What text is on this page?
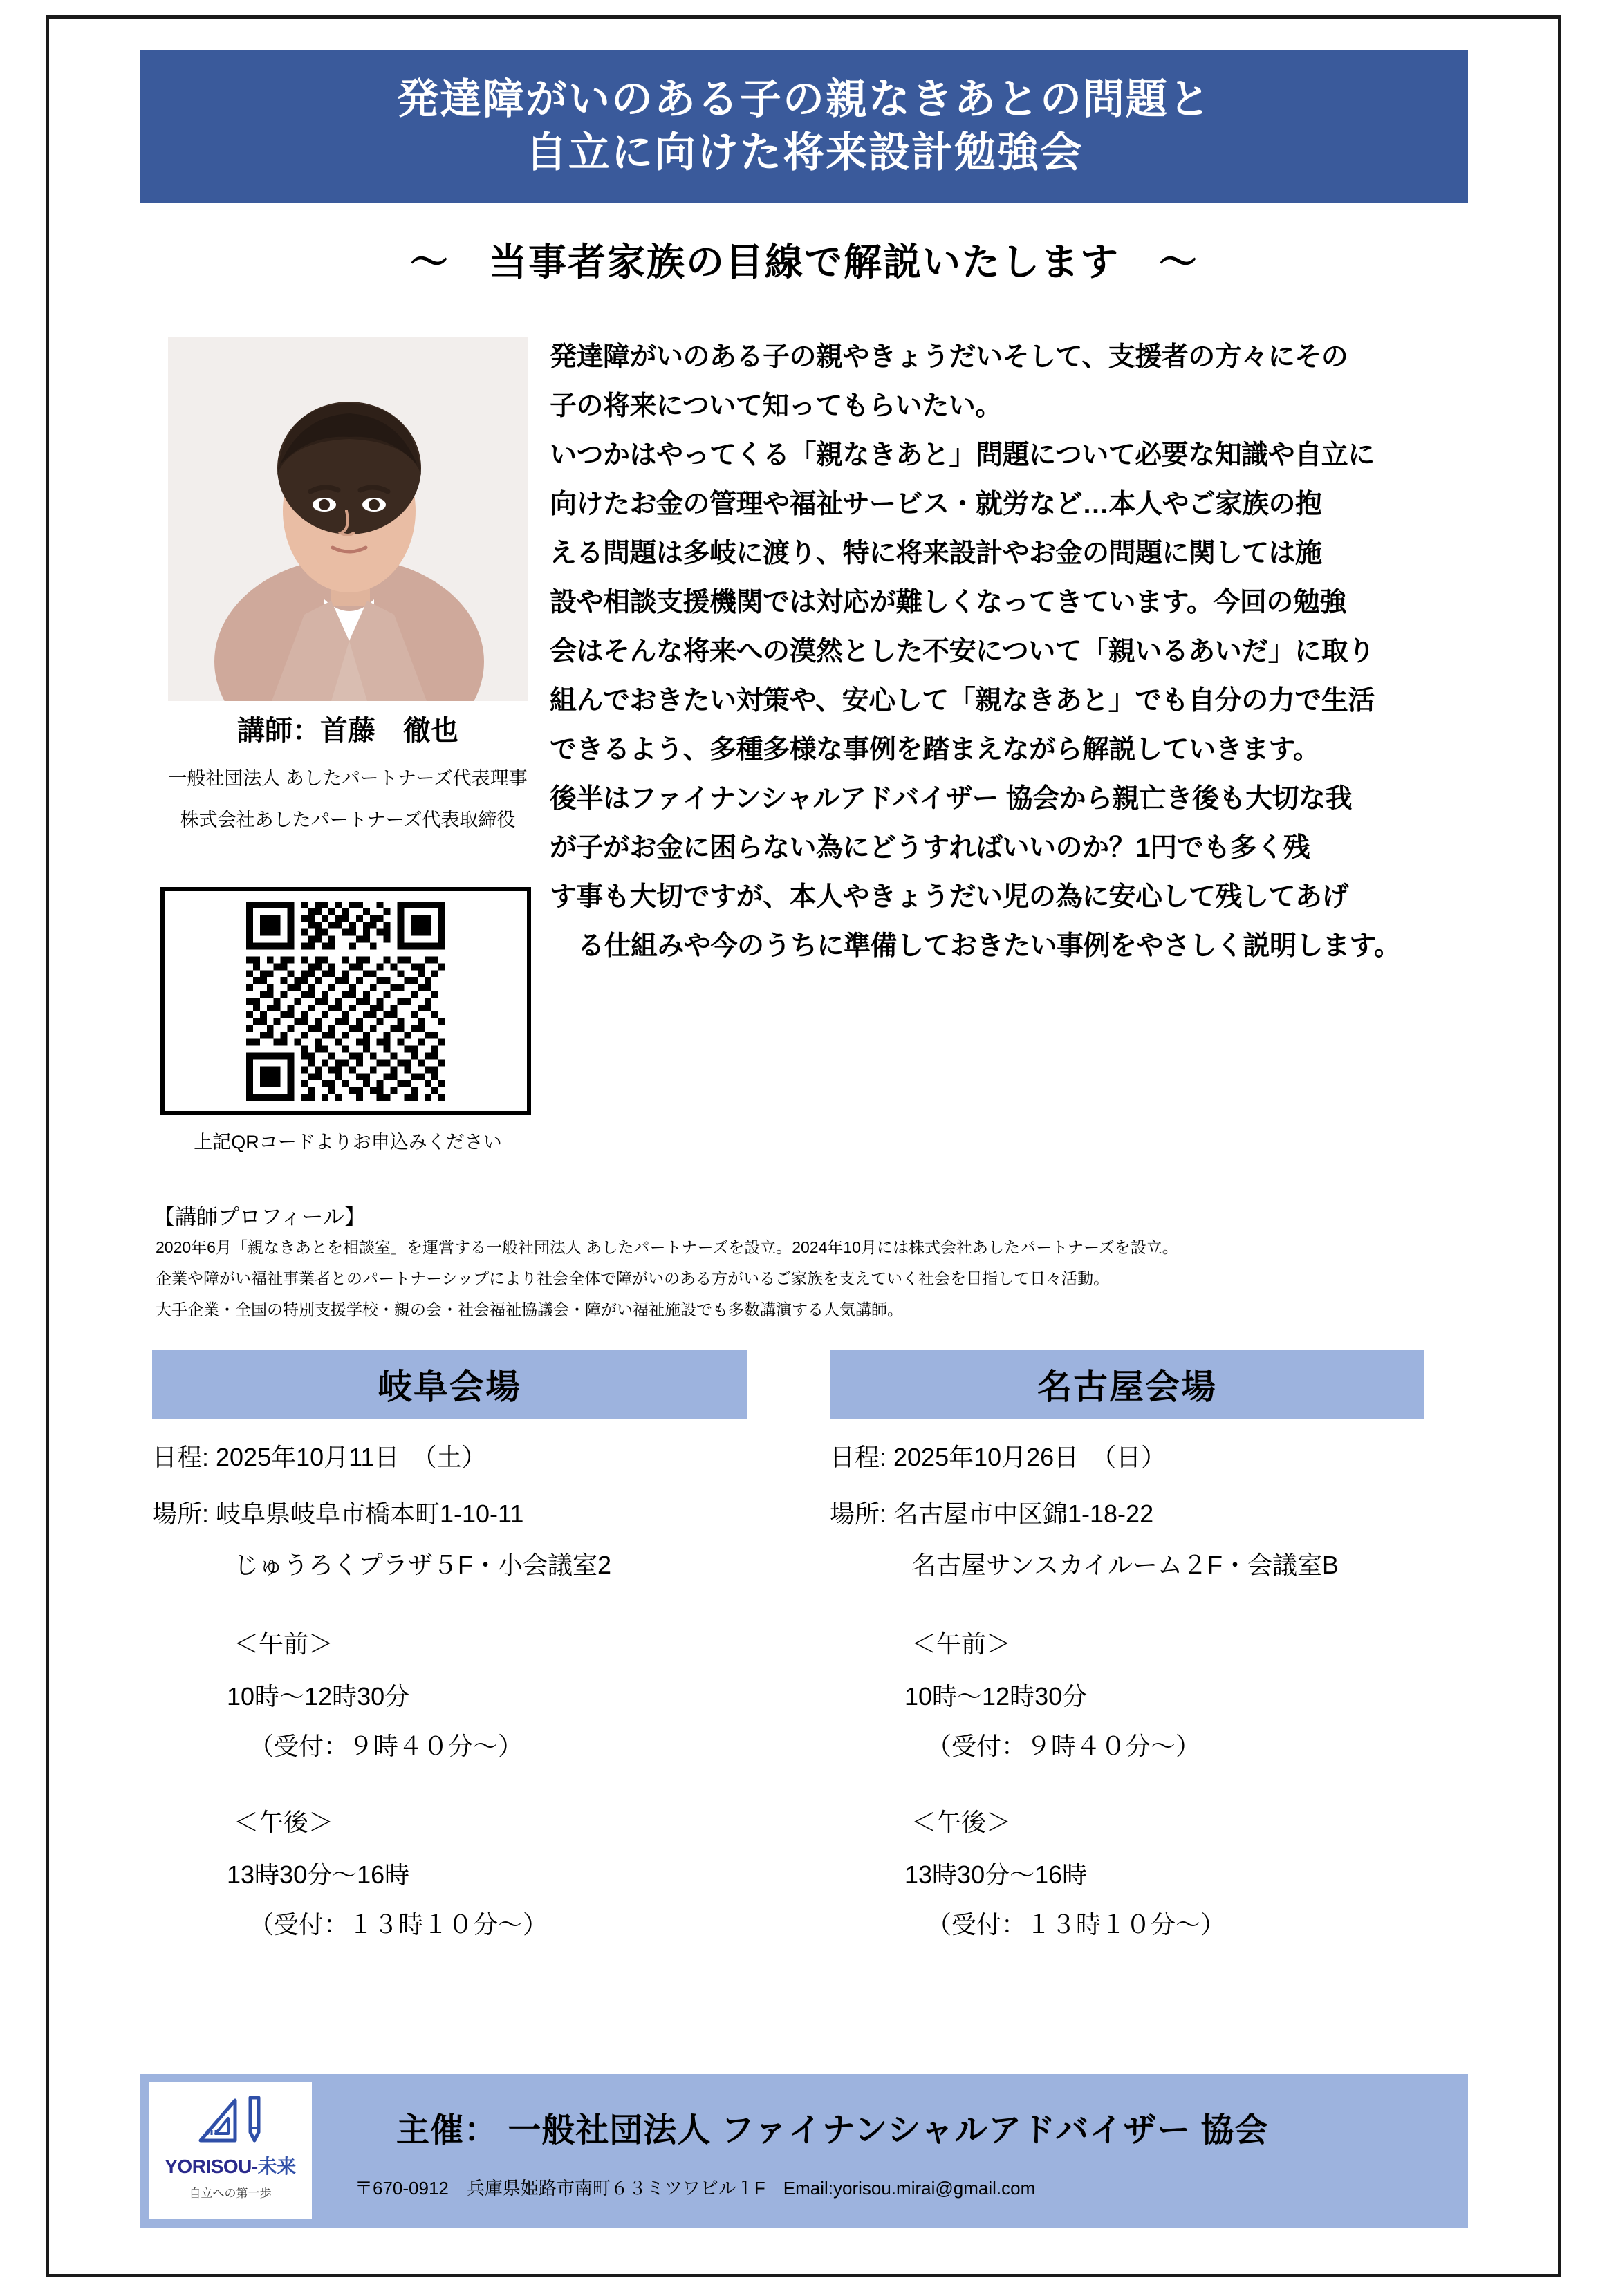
発達障がいのある子の親なきあとの問題と
自立に向けた将来設計勉強会
～　当事者家族の目線で解説いたします　～
講師：首藤　徹也
一般社団法人 あしたパートナーズ代表理事
株式会社あしたパートナーズ代表取締役
上記QRコードよりお申込みください
発達障がいのある子の親やきょうだいそして、支援者の方々にその
子の将来について知ってもらいたい。
いつかはやってくる「親なきあと」問題について必要な知識や自立に
向けたお金の管理や福祉サービス・就労など…本人やご家族の抱
える問題は多岐に渡り、特に将来設計やお金の問題に関しては施
設や相談支援機関では対応が難しくなってきています。今回の勉強
会はそんな将来への漠然とした不安について「親いるあいだ」に取り
組んでおきたい対策や、安心して「親なきあと」でも自分の力で生活
できるよう、多種多様な事例を踏まえながら解説していきます。
後半はファイナンシャルアドバイザー 協会から親亡き後も大切な我
が子がお金に困らない為にどうすればいいのか？1円でも多く残
す事も大切ですが、本人やきょうだい児の為に安心して残してあげ
る仕組みや今のうちに準備しておきたい事例をやさしく説明します。
【講師プロフィール】
2020年6月「親なきあとを相談室」を運営する一般社団法人 あしたパートナーズを設立。2024年10月には株式会社あしたパートナーズを設立。
企業や障がい福祉事業者とのパートナーシップにより社会全体で障がいのある方がいるご家族を支えていく社会を目指して日々活動。
大手企業・全国の特別支援学校・親の会・社会福祉協議会・障がい福祉施設でも多数講演する人気講師。
岐阜会場
日程: 2025年10月11日　（土）
場所: 岐阜県岐阜市橋本町1-10-11
じゅうろくプラザ５F・小会議室2
＜午前＞
10時～12時30分
（受付：９時４０分～）
＜午後＞
13時30分～16時
（受付：１３時１０分～）
名古屋会場
日程: 2025年10月26日　（日）
場所: 名古屋市中区錦1-18-22
名古屋サンスカイルーム２F・会議室B
＜午前＞
10時～12時30分
（受付：９時４０分～）
＜午後＞
13時30分～16時
（受付：１３時１０分～）
YORISOU-未来
自立への第一歩
主催： 一般社団法人 ファイナンシャルアドバイザー 協会
〒670-0912　兵庫県姫路市南町６３ミツワビル１F　Email:yorisou.mirai@gmail.com
